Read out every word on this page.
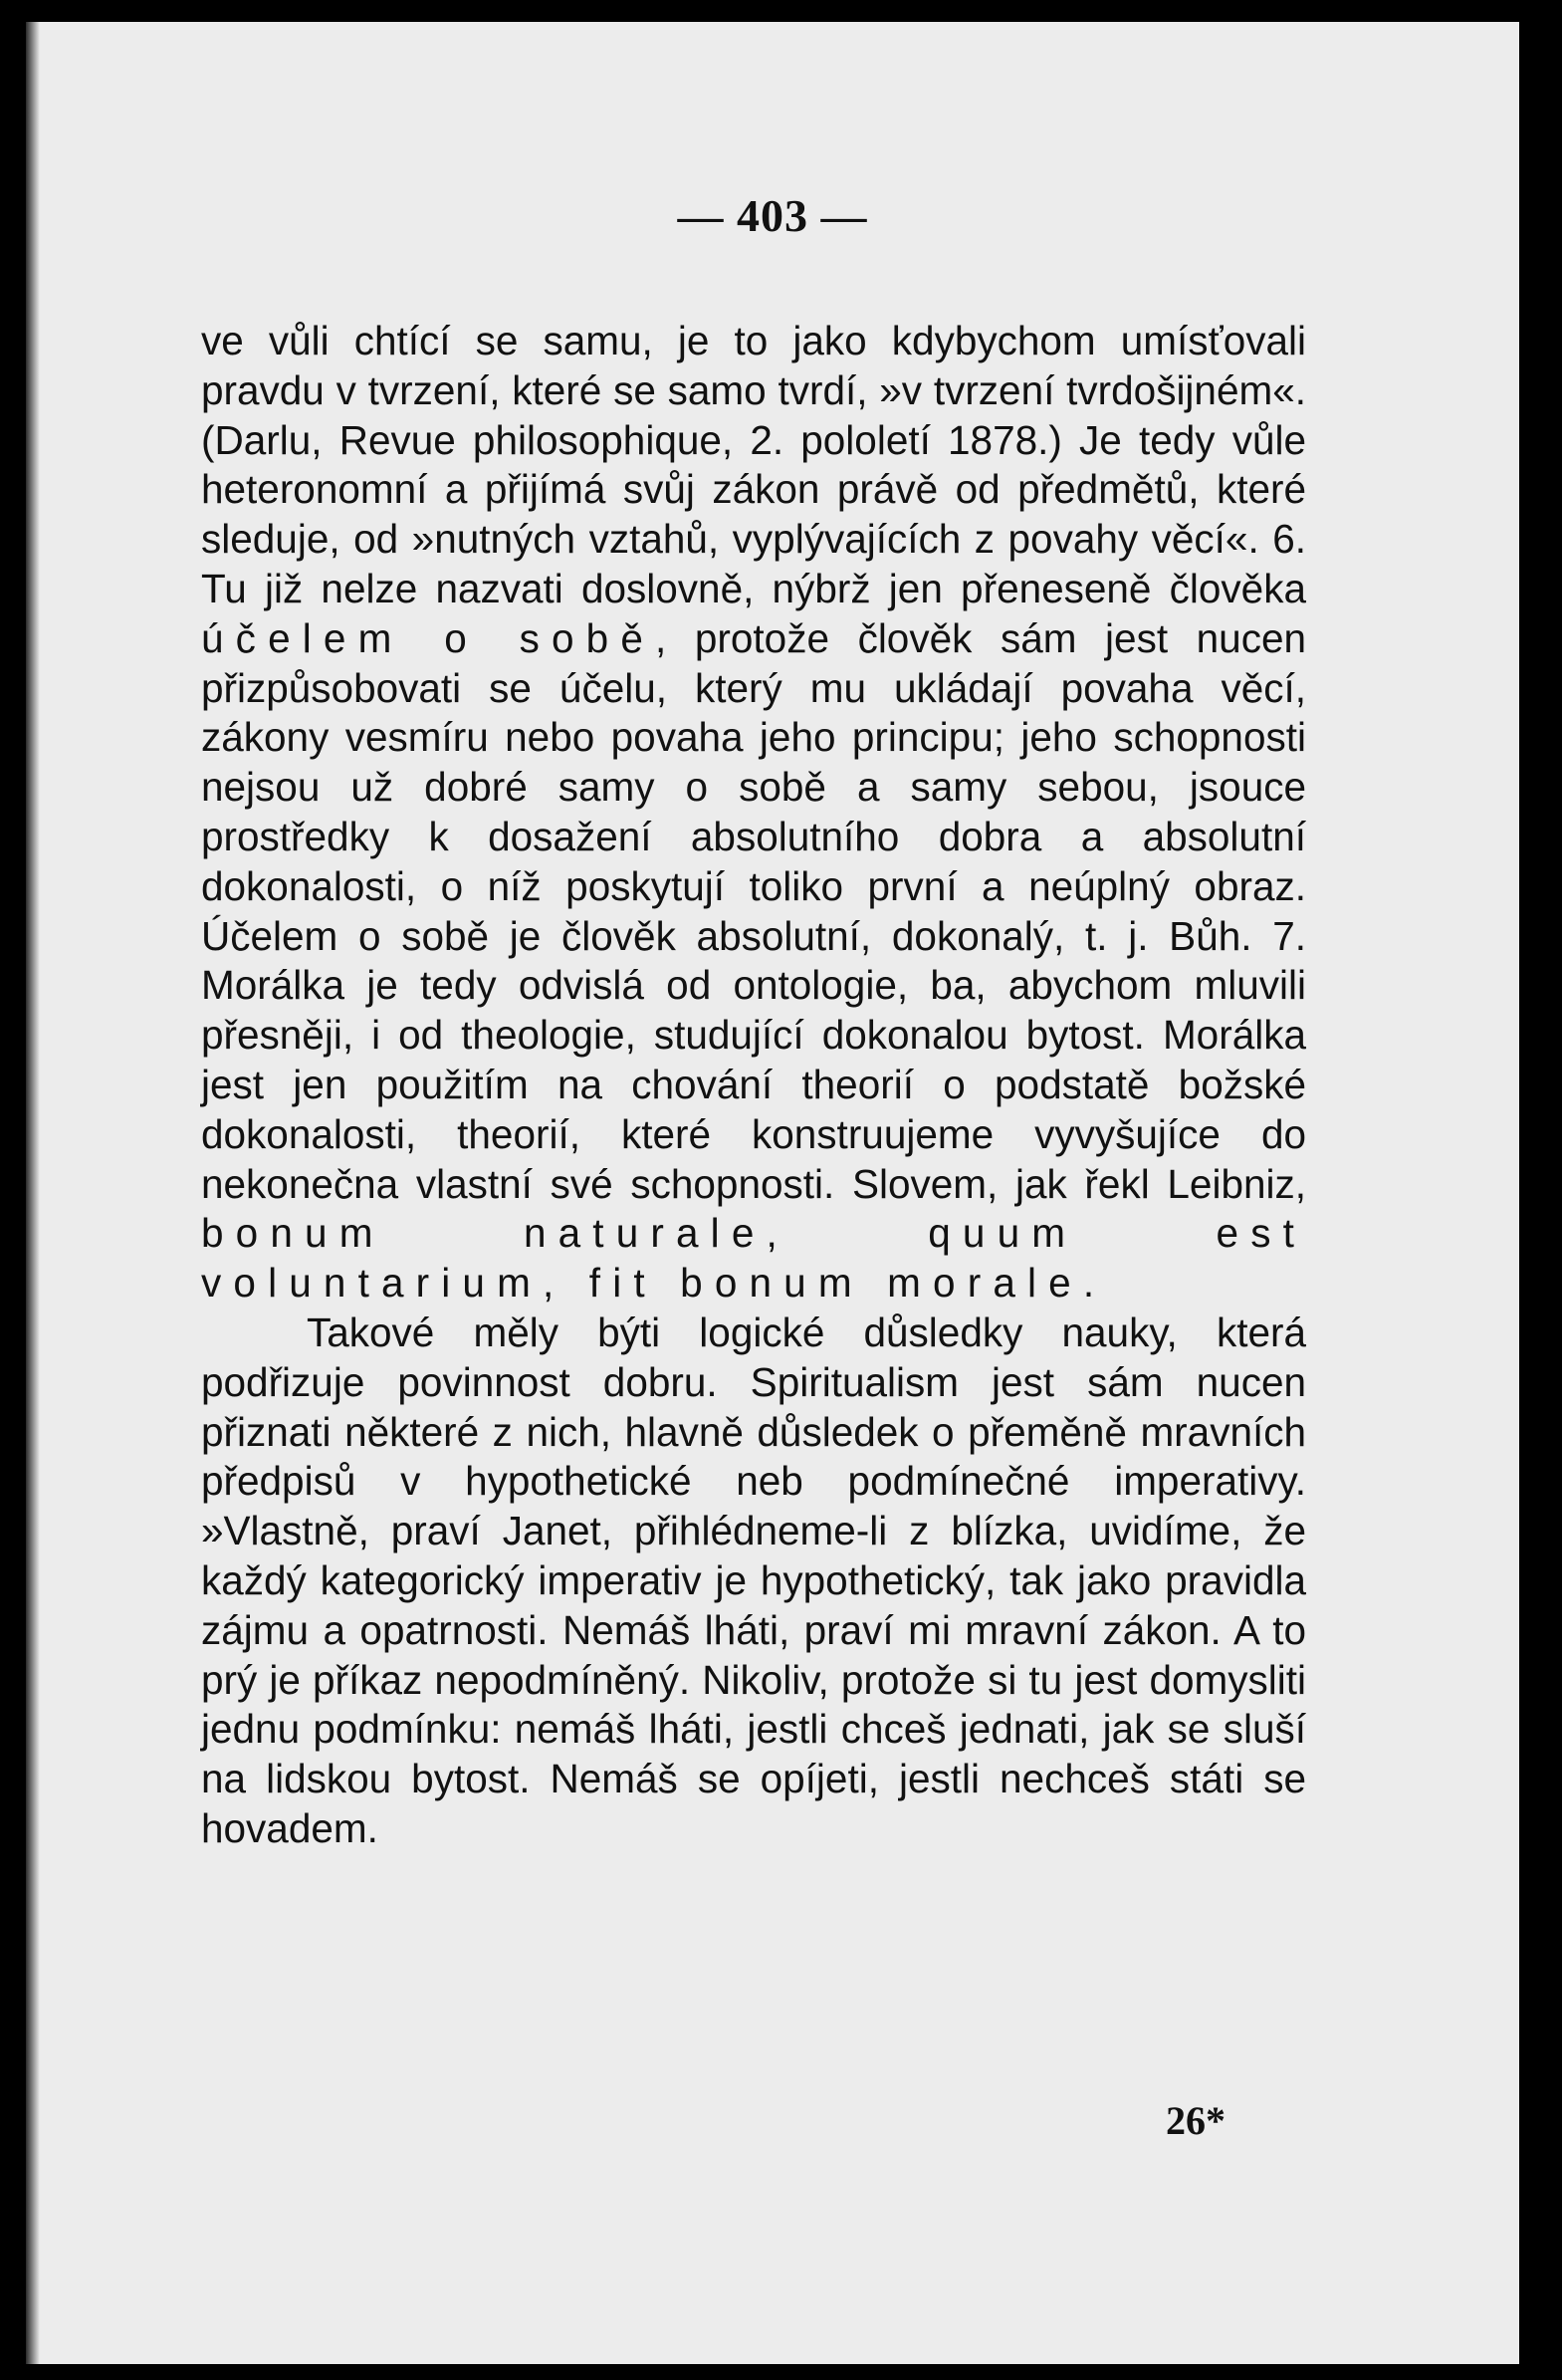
— 403 —

ve vůli chtící se samu, je to jako kdybychom umísťovali pravdu v tvrzení, které se samo tvrdí, »v tvrzení tvrdošijném«. (Darlu, Revue philosophique, 2. pololetí 1878.) Je tedy vůle heteronomní a přijímá svůj zákon právě od předmětů, které sleduje, od »nutných vztahů, vyplývajících z povahy věcí«. 6. Tu již nelze nazvati doslovně, nýbrž jen přeneseně člověka účelem o sobě, protože člověk sám jest nucen přizpůsobovati se účelu, který mu ukládají povaha věcí, zákony vesmíru nebo povaha jeho principu; jeho schopnosti nejsou už dobré samy o sobě a samy sebou, jsouce prostředky k dosažení absolutního dobra a absolutní dokonalosti, o níž poskytují toliko první a neúplný obraz. Účelem o sobě je člověk absolutní, dokonalý, t. j. Bůh. 7. Morálka je tedy odvislá od ontologie, ba, abychom mluvili přesněji, i od theologie, studující dokonalou bytost. Morálka jest jen použitím na chování theorií o podstatě božské dokonalosti, theorií, které konstruujeme vyvyšujíce do nekonečna vlastní své schopnosti. Slovem, jak řekl Leibniz, bonum naturale, quum est voluntarium, fit bonum morale.

Takové měly býti logické důsledky nauky, která podřizuje povinnost dobru. Spiritualism jest sám nucen přiznati některé z nich, hlavně důsledek o přeměně mravních předpisů v hypothetické neb podmínečné imperativy. »Vlastně, praví Janet, přihlédneme-li z blízka, uvidíme, že každý kategorický imperativ je hypothetický, tak jako pravidla zájmu a opatrnosti. Nemáš lháti, praví mi mravní zákon. A to prý je příkaz nepodmíněný. Nikoliv, protože si tu jest domysliti jednu podmínku: nemáš lháti, jestli chceš jednati, jak se sluší na lidskou bytost. Nemáš se opíjeti, jestli nechceš státi se hovadem.

26*
